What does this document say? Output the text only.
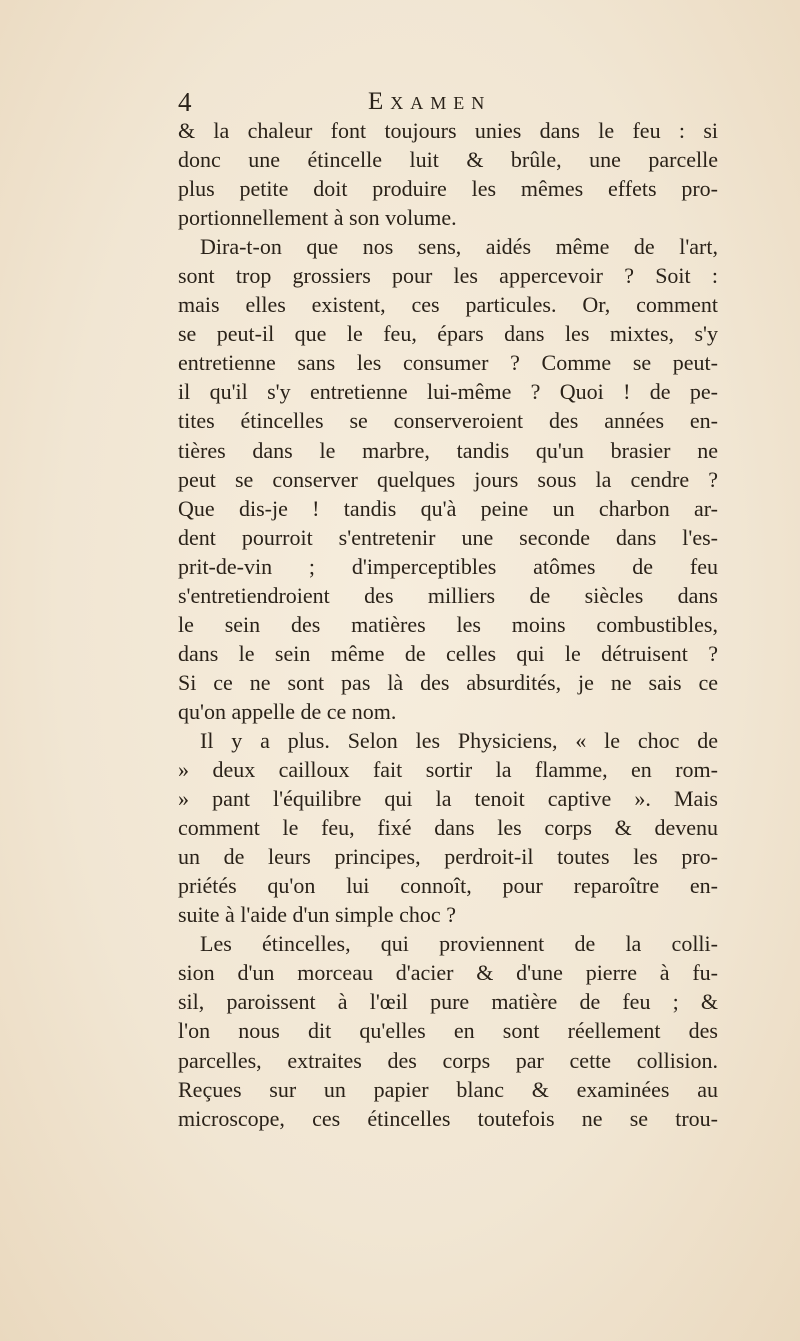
4	Examen
& la chaleur font toujours unies dans le feu : si
donc une étincelle luit & brûle, une parcelle
plus petite doit produire les mêmes effets pro-
portionnellement à son volume.
Dira-t-on que nos sens, aidés même de l'art,
sont trop grossiers pour les appercevoir ? Soit :
mais elles existent, ces particules. Or, comment
se peut-il que le feu, épars dans les mixtes, s'y
entretienne sans les consumer ? Comme se peut-
il qu'il s'y entretienne lui-même ? Quoi ! de pe-
tites étincelles se conserveroient des années en-
tières dans le marbre, tandis qu'un brasier ne
peut se conserver quelques jours sous la cendre ?
Que dis-je ! tandis qu'à peine un charbon ar-
dent pourroit s'entretenir une seconde dans l'es-
prit-de-vin ; d'imperceptibles atômes de feu
s'entretiendroient des milliers de siècles dans
le sein des matières les moins combustibles,
dans le sein même de celles qui le détruisent ?
Si ce ne sont pas là des absurdités, je ne sais ce
qu'on appelle de ce nom.
Il y a plus. Selon les Physiciens, « le choc de
» deux cailloux fait sortir la flamme, en rom-
» pant l'équilibre qui la tenoit captive ». Mais
comment le feu, fixé dans les corps & devenu
un de leurs principes, perdroit-il toutes les pro-
priétés qu'on lui connoît, pour reparoître en-
suite à l'aide d'un simple choc ?
Les étincelles, qui proviennent de la colli-
sion d'un morceau d'acier & d'une pierre à fu-
sil, paroissent à l'œil pure matière de feu ; &
l'on nous dit qu'elles en sont réellement des
parcelles, extraites des corps par cette collision.
Reçues sur un papier blanc & examinées au
microscope, ces étincelles toutefois ne se trou-
